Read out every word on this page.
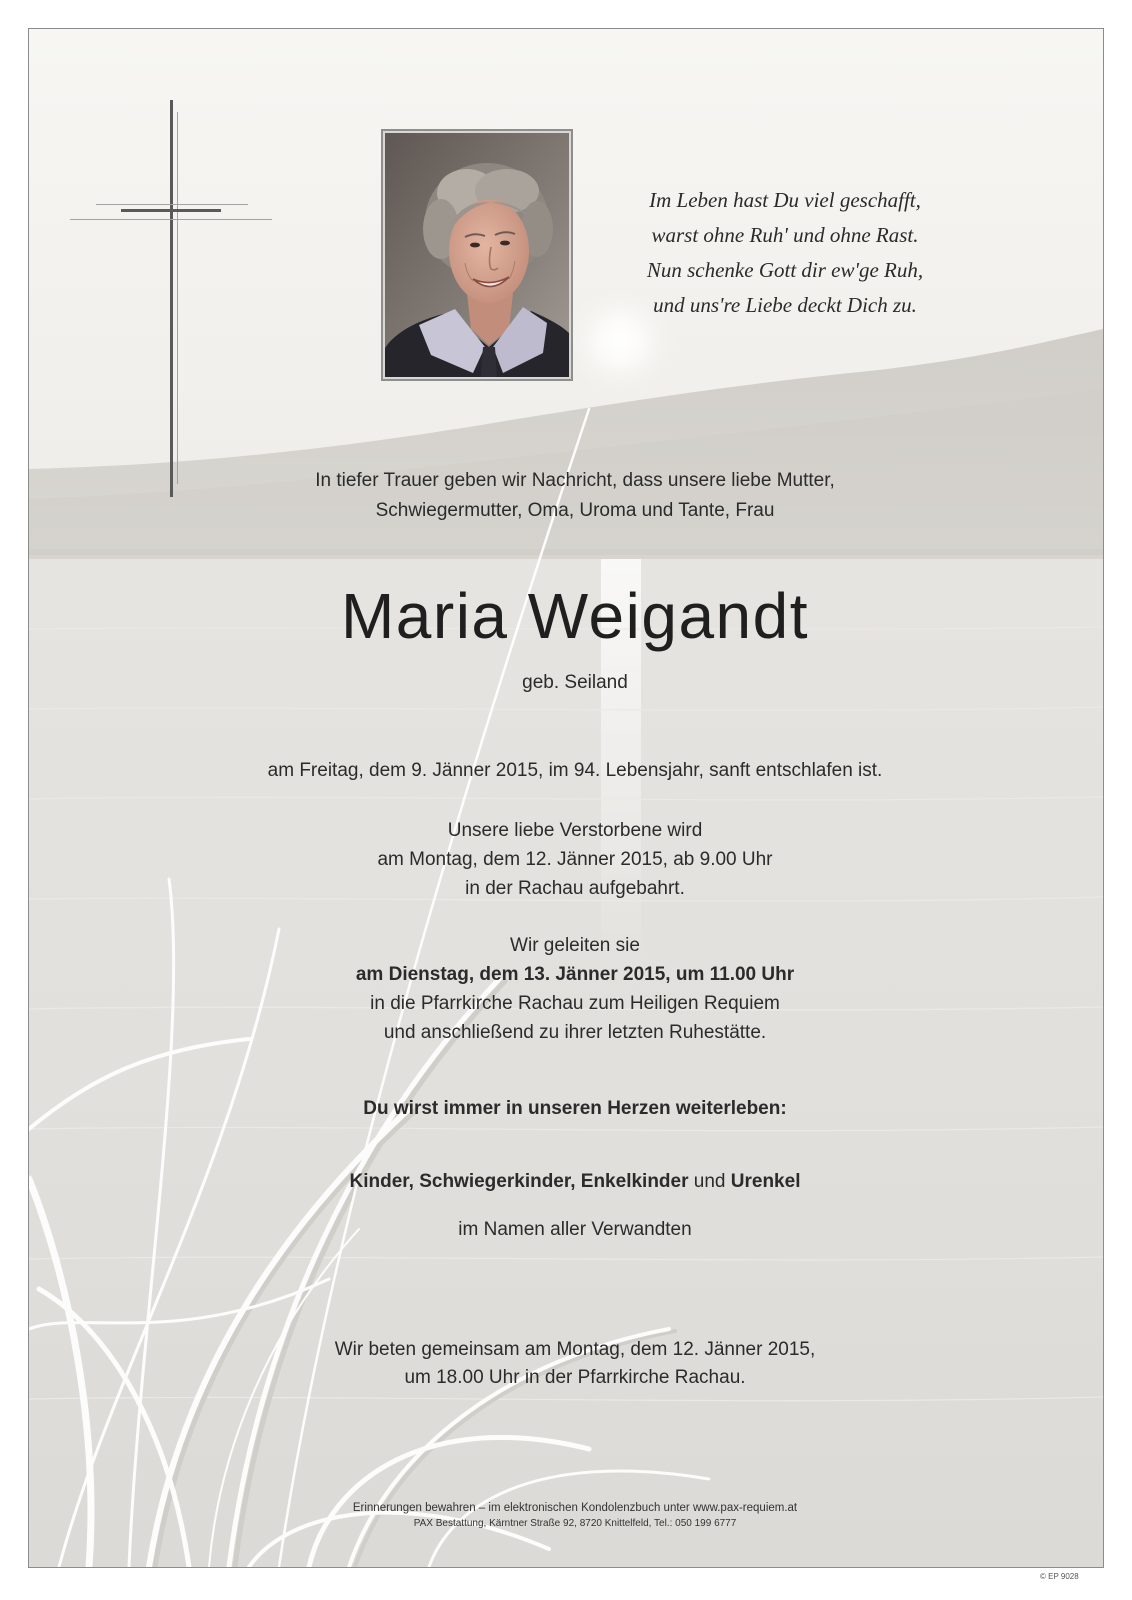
Im Leben hast Du viel geschafft,
warst ohne Ruh' und ohne Rast.
Nun schenke Gott dir ew'ge Ruh,
und uns're Liebe deckt Dich zu.
In tiefer Trauer geben wir Nachricht, dass unsere liebe Mutter,
Schwiegermutter, Oma, Uroma und Tante, Frau
Maria Weigandt
geb. Seiland
am Freitag, dem 9. Jänner 2015, im 94. Lebensjahr, sanft entschlafen ist.
Unsere liebe Verstorbene wird
am Montag, dem 12. Jänner 2015, ab 9.00 Uhr
in der Rachau aufgebahrt.
Wir geleiten sie
am Dienstag, dem 13. Jänner 2015, um 11.00 Uhr
in die Pfarrkirche Rachau zum Heiligen Requiem
und anschließend zu ihrer letzten Ruhestätte.
Du wirst immer in unseren Herzen weiterleben:
Kinder, Schwiegerkinder, Enkelkinder und Urenkel
im Namen aller Verwandten
Wir beten gemeinsam am Montag, dem 12. Jänner 2015,
um 18.00 Uhr in der Pfarrkirche Rachau.
Erinnerungen bewahren – im elektronischen Kondolenzbuch unter www.pax-requiem.at
PAX Bestattung, Kärntner Straße 92, 8720 Knittelfeld, Tel.: 050 199 6777
© EP 9028
